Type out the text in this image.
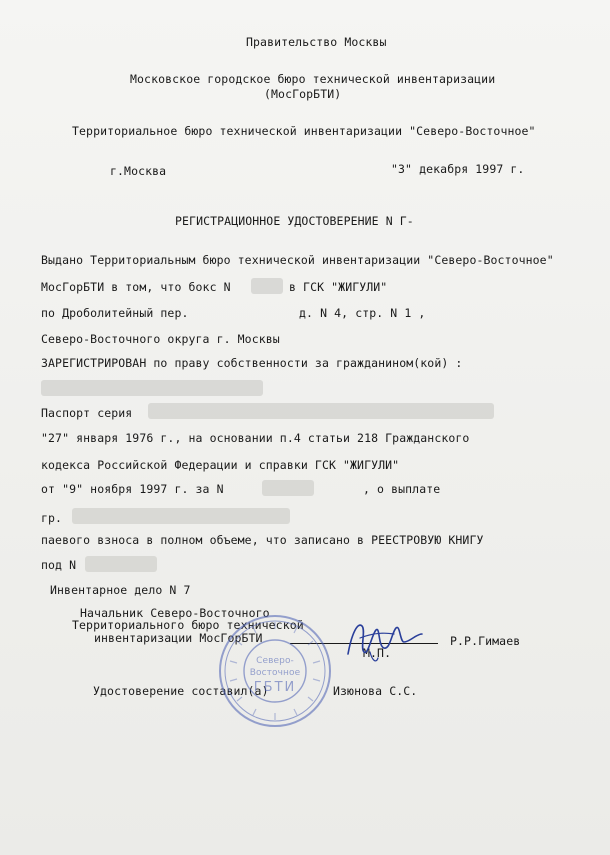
Правительство Москвы
Московское городское бюро технической инвентаризации
(МосГорБТИ)
Территориальное бюро технической инвентаризации "Северо-Восточное"
г.Москва	"3" декабря 1997 г.
РЕГИСТРАЦИОННОЕ УДОСТОВЕРЕНИЕ N Г-
Выдано Территориальным бюро технической инвентаризации "Северо-Восточное"
МосГорБТИ в том, что бокс N	в ГСК "ЖИГУЛИ"
по Дроболитейный пер.	д. N 4, стр. N 1 ,
Северо-Восточного округа г. Москвы
ЗАРЕГИСТРИРОВАН по праву собственности за гражданином(кой) :
Паспорт серия
"27" января 1976 г., на основании п.4 статьи 218 Гражданского
кодекса Российской Федерации и справки ГСК "ЖИГУЛИ"
от "9" ноября 1997 г. за N	, о выплате
гр.
паевого взноса в полном объеме, что записано в РЕЕСТРОВУЮ КНИГУ
под N
Инвентарное дело N 7
Начальник Северо-Восточного
Территориального бюро технической
инвентаризации МосГорБТИ
М.П.
Р.Р.Гимаев
Удостоверение составил(а)	Изюнова С.С.
Северо-
Восточное
ГБТИ
